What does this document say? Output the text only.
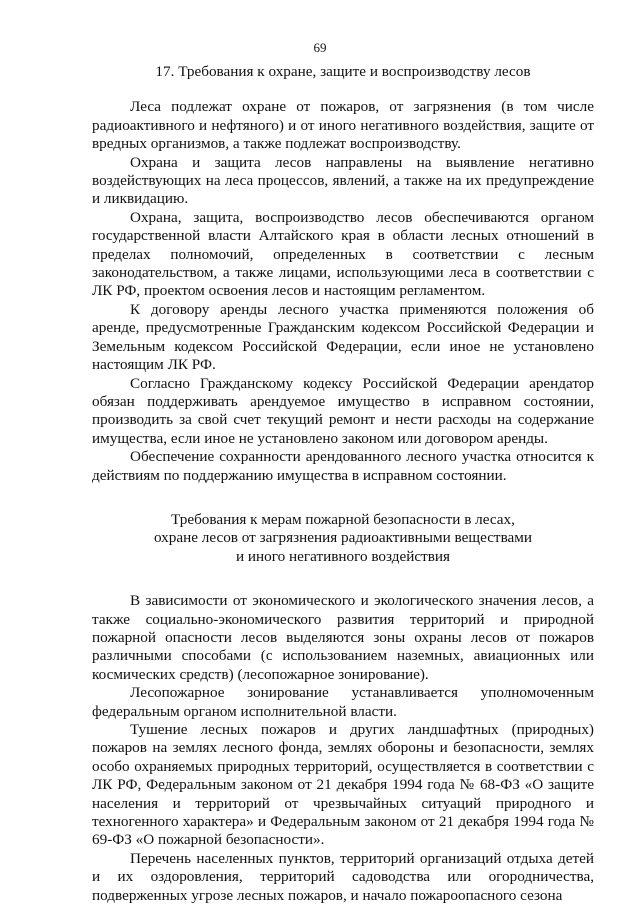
69

17. Требования к охране, защите и воспроизводству лесов

Леса подлежат охране от пожаров, от загрязнения (в том числе радиоактивного и нефтяного) и от иного негативного воздействия, защите от вредных организмов, а также подлежат воспроизводству.

Охрана и защита лесов направлены на выявление негативно воздействующих на леса процессов, явлений, а также на их предупреждение и ликвидацию.

Охрана, защита, воспроизводство лесов обеспечиваются органом государственной власти Алтайского края в области лесных отношений в пределах полномочий, определенных в соответствии с лесным законодательством, а также лицами, использующими леса в соответствии с ЛК РФ, проектом освоения лесов и настоящим регламентом.

К договору аренды лесного участка применяются положения об аренде, предусмотренные Гражданским кодексом Российской Федерации и Земельным кодексом Российской Федерации, если иное не установлено настоящим ЛК РФ.

Согласно Гражданскому кодексу Российской Федерации арендатор обязан поддерживать арендуемое имущество в исправном состоянии, производить за свой счет текущий ремонт и нести расходы на содержание имущества, если иное не установлено законом или договором аренды.

Обеспечение сохранности арендованного лесного участка относится к действиям по поддержанию имущества в исправном состоянии.

Требования к мерам пожарной безопасности в лесах,
охране лесов от загрязнения радиоактивными веществами
и иного негативного воздействия

В зависимости от экономического и экологического значения лесов, а также социально-экономического развития территорий и природной пожарной опасности лесов выделяются зоны охраны лесов от пожаров различными способами (с использованием наземных, авиационных или космических средств) (лесопожарное зонирование).

Лесопожарное зонирование устанавливается уполномоченным федеральным органом исполнительной власти.

Тушение лесных пожаров и других ландшафтных (природных) пожаров на землях лесного фонда, землях обороны и безопасности, землях особо охраняемых природных территорий, осуществляется в соответствии с ЛК РФ, Федеральным законом от 21 декабря 1994 года № 68-ФЗ «О защите населения и территорий от чрезвычайных ситуаций природного и техногенного характера» и Федеральным законом от 21 декабря 1994 года № 69-ФЗ «О пожарной безопасности».

Перечень населенных пунктов, территорий организаций отдыха детей и их оздоровления, территорий садоводства или огородничества, подверженных угрозе лесных пожаров, и начало пожароопасного сезона
